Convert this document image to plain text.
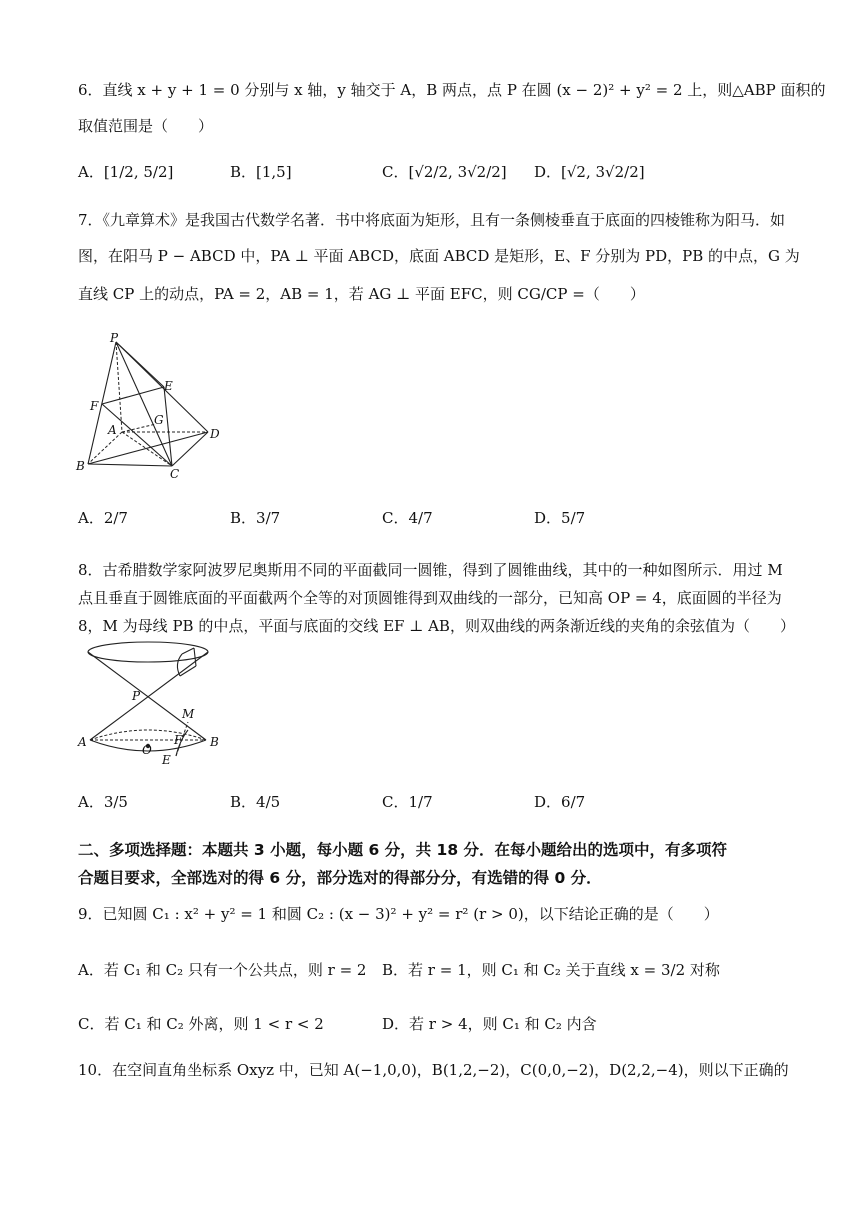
6．直线 x + y + 1 = 0 分别与 x 轴，y 轴交于 A，B 两点，点 P 在圆 (x − 2)² + y² = 2 上，则△ABP 面积的
取值范围是（　　）
A．[1/2, 5/2]	B．[1,5]	C．[√2/2, 3√2/2] D．[√2, 3√2/2]
7．《九章算术》是我国古代数学名著．书中将底面为矩形，且有一条侧棱垂直于底面的四棱锥称为阳马．如
图，在阳马 P − ABCD 中，PA ⊥ 平面 ABCD，底面 ABCD 是矩形，E、F 分别为 PD，PB 的中点，G 为
直线 CP 上的动点，PA = 2，AB = 1，若 AG ⊥ 平面 EFC，则 CG/CP =（　　）
P
E
F
G
A	D
B
C
A．2/7	B．3/7	C．4/7	D．5/7
8．古希腊数学家阿波罗尼奥斯用不同的平面截同一圆锥，得到了圆锥曲线，其中的一种如图所示．用过 M
点且垂直于圆锥底面的平面截两个全等的对顶圆锥得到双曲线的一部分，已知高 OP = 4，底面圆的半径为
8，M 为母线 PB 的中点，平面与底面的交线 EF ⊥ AB，则双曲线的两条渐近线的夹角的余弦值为（　　）
P
M
A
O
F
E
B
A．3/5	B．4/5	C．1/7	D．6/7
二、多项选择题：本题共 3 小题，每小题 6 分，共 18 分．在每小题给出的选项中，有多项符
合题目要求，全部选对的得 6 分，部分选对的得部分分，有选错的得 0 分．
9．已知圆 C₁ : x² + y² = 1 和圆 C₂ : (x − 3)² + y² = r² (r > 0)，以下结论正确的是（　　）
A．若 C₁ 和 C₂ 只有一个公共点，则 r = 2 B．若 r = 1，则 C₁ 和 C₂ 关于直线 x = 3/2 对称
C．若 C₁ 和 C₂ 外离，则 1 < r < 2	D．若 r > 4，则 C₁ 和 C₂ 内含
10．在空间直角坐标系 Oxyz 中，已知 A(−1,0,0)，B(1,2,−2)，C(0,0,−2)，D(2,2,−4)，则以下正确的
